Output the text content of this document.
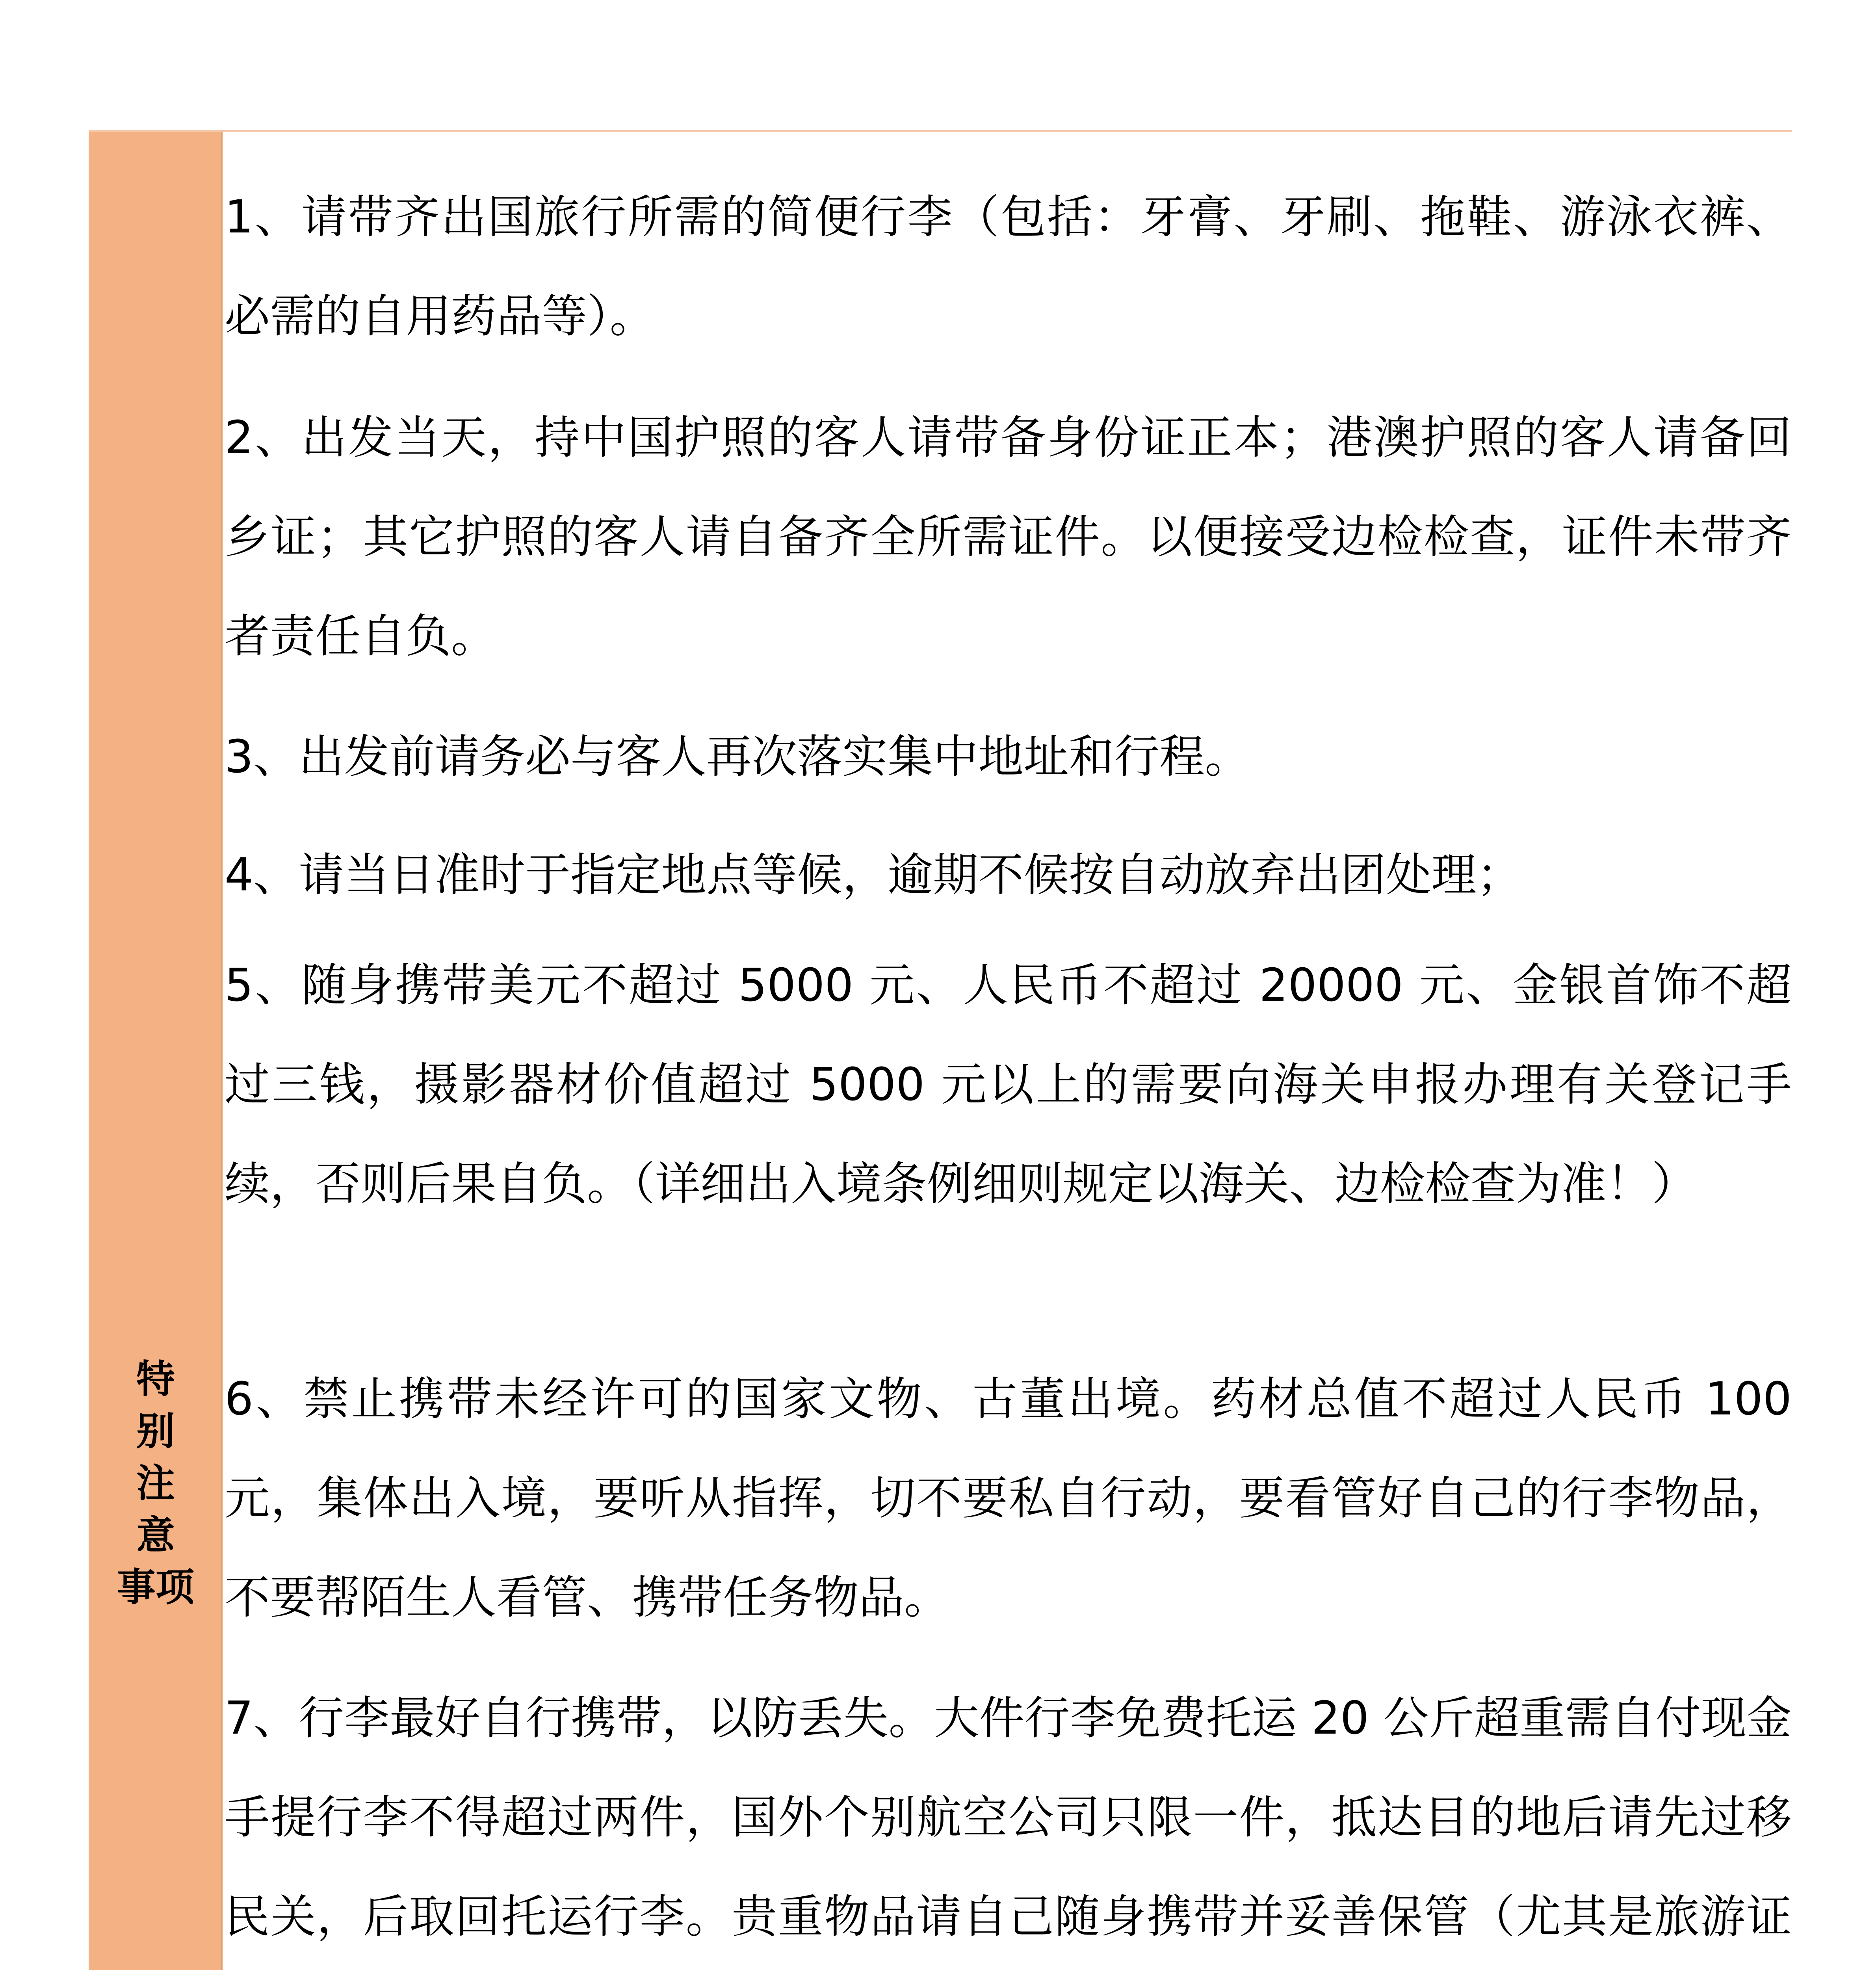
特 别
注 意
事项
1、请带齐出国旅行所需的简便行李（包括：牙膏、牙刷、拖鞋、游泳衣裤、必需的自用药品等）。
2、出发当天，持中国护照的客人请带备身份证正本；港澳护照的客人请备回乡证；其它护照的客人请自备齐全所需证件。以便接受边检检查，证件未带齐者责任自负。
3、出发前请务必与客人再次落实集中地址和行程。
4、请当日准时于指定地点等候，逾期不候按自动放弃出团处理；
5、随身携带美元不超过 5000 元、人民币不超过 20000 元、金银首饰不超过三钱，摄影器材价值超过 5000 元以上的需要向海关申报办理有关登记手续，否则后果自负。（详细出入境条例细则规定以海关、边检检查为准！）
6、禁止携带未经许可的国家文物、古董出境。药材总值不超过人民币 100 元，集体出入境，要听从指挥，切不要私自行动，要看管好自己的行李物品，不要帮陌生人看管、携带任务物品。
7、行李最好自行携带，以防丢失。大件行李免费托运 20 公斤超重需自付现金手提行李不得超过两件，国外个别航空公司只限一件，抵达目的地后请先过移民关，后取回托运行李。贵重物品请自己随身携带并妥善保管（尤其是旅游证
